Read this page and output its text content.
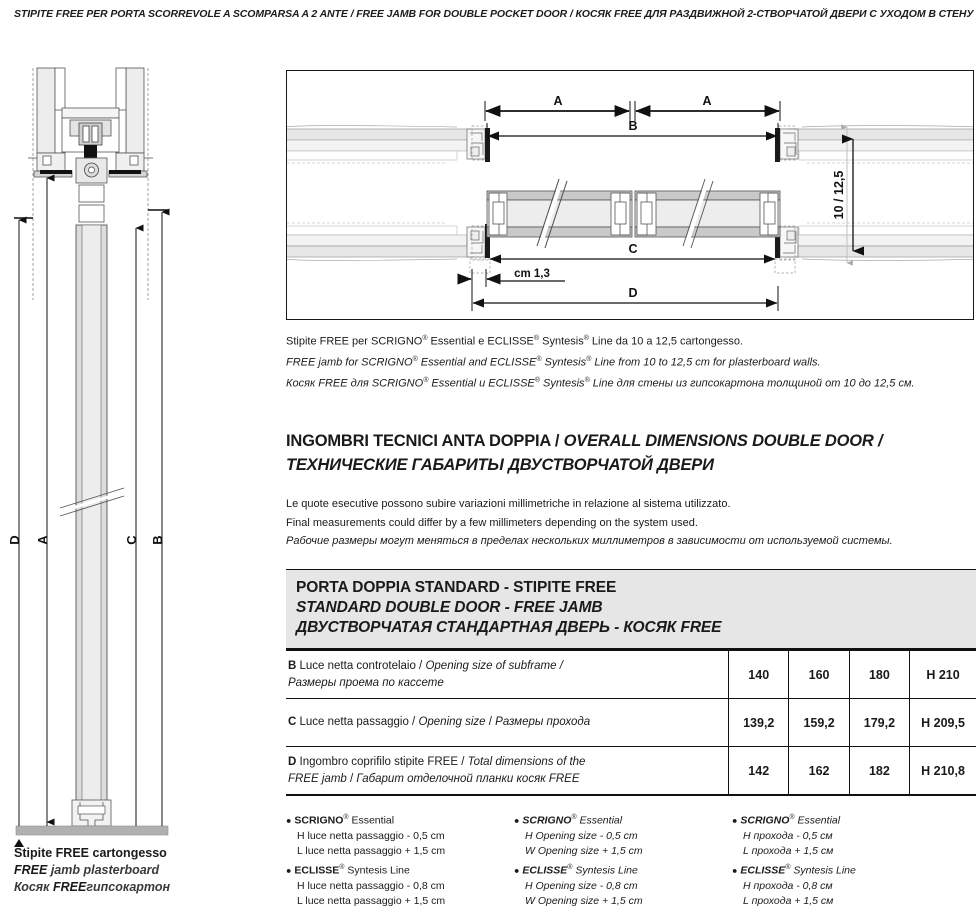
STIPITE FREE PER PORTA SCORREVOLE A SCOMPARSA A 2 ANTE / FREE JAMB FOR DOUBLE POCKET DOOR / КОСЯК FREE ДЛЯ РАЗДВИЖНОЙ 2-СТВОРЧАТОЙ ДВЕРИ С УХОДОМ В СТЕНУ
D A	C B
Stipite FREE cartongesso
FREE jamb plasterboard
Косяк FREEгипсокартон
A	A
B
C
cm 1,3
D
10 / 12,5
Stipite FREE per SCRIGNO® Essential e ECLISSE® Syntesis® Line da 10 a 12,5 cartongesso.
FREE jamb for SCRIGNO® Essential and ECLISSE® Syntesis® Line from 10 to 12,5 cm for plasterboard walls.
Косяк FREE для SCRIGNO® Essential и ECLISSE® Syntesis® Line для стены из гипсокартона толщиной от 10 до 12,5 см.
INGOMBRI TECNICI ANTA DOPPIA / OVERALL DIMENSIONS DOUBLE DOOR /
ТЕХНИЧЕСКИЕ ГАБАРИТЫ ДВУСТВОРЧАТОЙ ДВЕРИ
Le quote esecutive possono subire variazioni millimetriche in relazione al sistema utilizzato.
Final measurements could differ by a few millimeters depending on the system used.
Рабочие размеры могут меняться в пределах нескольких миллиметров в зависимости от используемой системы.
PORTA DOPPIA STANDARD - STIPITE FREE
STANDARD DOUBLE DOOR - FREE JAMB
ДВУСТВОРЧАТАЯ СТАНДАРТНАЯ ДВЕРЬ - КОСЯК FREE
B Luce netta controtelaio / Opening size of subframe /
Размеры проема по кассете	140	160	180	H 210
C Luce netta passaggio / Opening size / Размеры прохода	139,2	159,2	179,2	H 209,5
D Ingombro coprifilo stipite FREE / Total dimensions of the
FREE jamb / Габарит отделочной планки косяк FREE	142	162	182	H 210,8
● SCRIGNO® Essential
H luce netta passaggio - 0,5 cm
L luce netta passaggio + 1,5 cm
● ECLISSE® Syntesis Line
H luce netta passaggio - 0,8 cm
L luce netta passaggio + 1,5 cm
● SCRIGNO® Essential
H Opening size - 0,5 cm
W Opening size + 1,5 cm
● ECLISSE® Syntesis Line
H Opening size - 0,8 cm
W Opening size + 1,5 cm
● SCRIGNO® Essential
H прохода - 0,5 см
L прохода + 1,5 см
● ECLISSE® Syntesis Line
H прохода - 0,8 см
L прохода + 1,5 см
